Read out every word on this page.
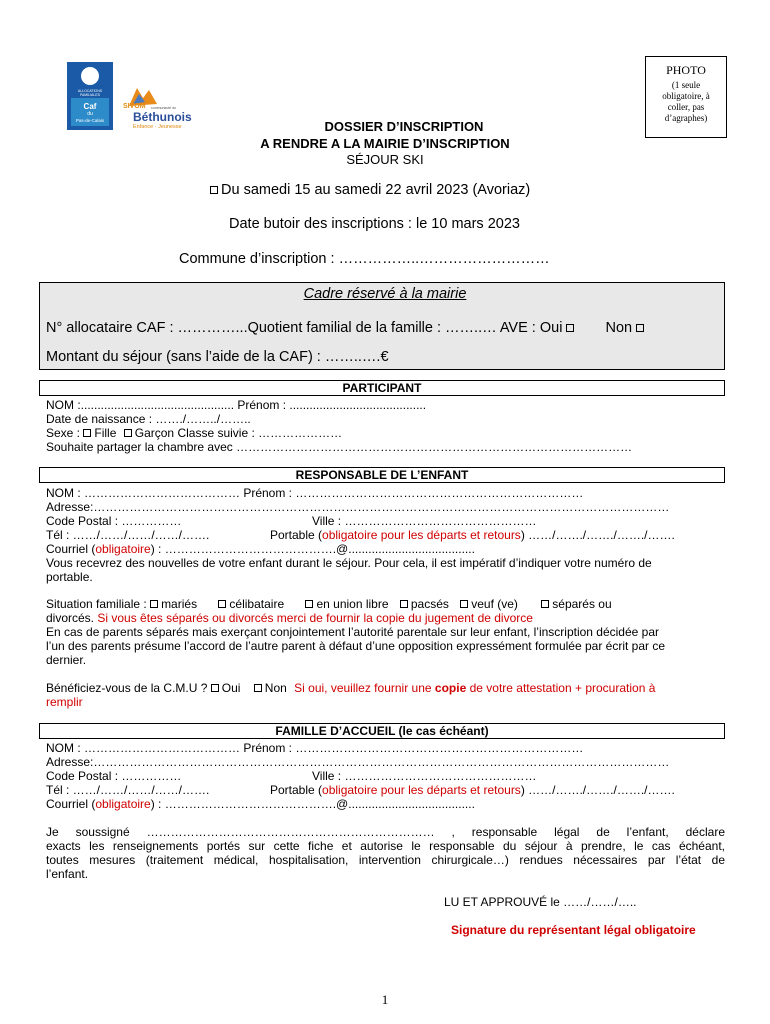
ALLOCATIONS FAMILIALES
Caf
du
Pas-de-Calais
SIVOM communauté du
Béthunois
Enfance · Jeunesse
PHOTO
(1 seule
obligatoire, à
coller, pas
d’agraphes)
DOSSIER D’INSCRIPTION
A RENDRE A LA MAIRIE D’INSCRIPTION
SÉJOUR SKI
Du samedi 15 au samedi 22 avril 2023 (Avoriaz)
Date butoir des inscriptions : le 10 mars 2023
Commune d’inscription : ……………..………………………
Cadre réservé à la mairie
N° allocataire CAF : …………...Quotient familial de la famille : ……..… AVE : Oui	Non
Montant du séjour (sans l’aide de la CAF) : ……..….€
PARTICIPANT
NOM :.............................................. Prénom : .........................................
Date de naissance : ……./……../……..
Sexe : Fille Garçon Classe suivie : …………………
Souhaite partager la chambre avec ………………………………………………………………………………………
RESPONSABLE DE L’ENFANT
NOM : ………………………………… Prénom : ………………………………………………………………
Adresse:………………………………………………………………………………………………………………………………
Code Postal : ……………	Ville : …………………………………………
Tél : ……/……/……/……/…….	Portable (obligatoire pour les départs et retours) ……/……./……./……./…….
Courriel (obligatoire) : …………………………………….@......................................
Vous recevrez des nouvelles de votre enfant durant le séjour. Pour cela, il est impératif d’indiquer votre numéro de
portable.
Situation familiale : mariés	célibataire	en union libre pacsés veuf (ve)	séparés ou
divorcés. Si vous êtes séparés ou divorcés merci de fournir la copie du jugement de divorce
En cas de parents séparés mais exerçant conjointement l’autorité parentale sur leur enfant, l’inscription décidée par
l’un des parents présume l’accord de l’autre parent à défaut d’une opposition expressément formulée par écrit par ce
dernier.
Bénéficiez-vous de la C.M.U ? Oui Non Si oui, veuillez fournir une copie de votre attestation + procuration à
remplir
FAMILLE D’ACCUEIL (le cas échéant)
NOM : ………………………………… Prénom : ………………………………………………………………
Adresse:………………………………………………………………………………………………………………………………
Code Postal : ……………	Ville : …………………………………………
Tél : ……/……/……/……/…….	Portable (obligatoire pour les départs et retours) ……/……./……./……./…….
Courriel (obligatoire) : …………………………………….@......................................
Je soussigné ……………………………………………………………… , responsable légal de l’enfant, déclare
exacts les renseignements portés sur cette fiche et autorise le responsable du séjour à prendre, le cas échéant,
toutes mesures (traitement médical, hospitalisation, intervention chirurgicale…) rendues nécessaires par l’état de
l’enfant.
LU ET APPROUVÉ le ……/……/…..
Signature du représentant légal obligatoire
1
